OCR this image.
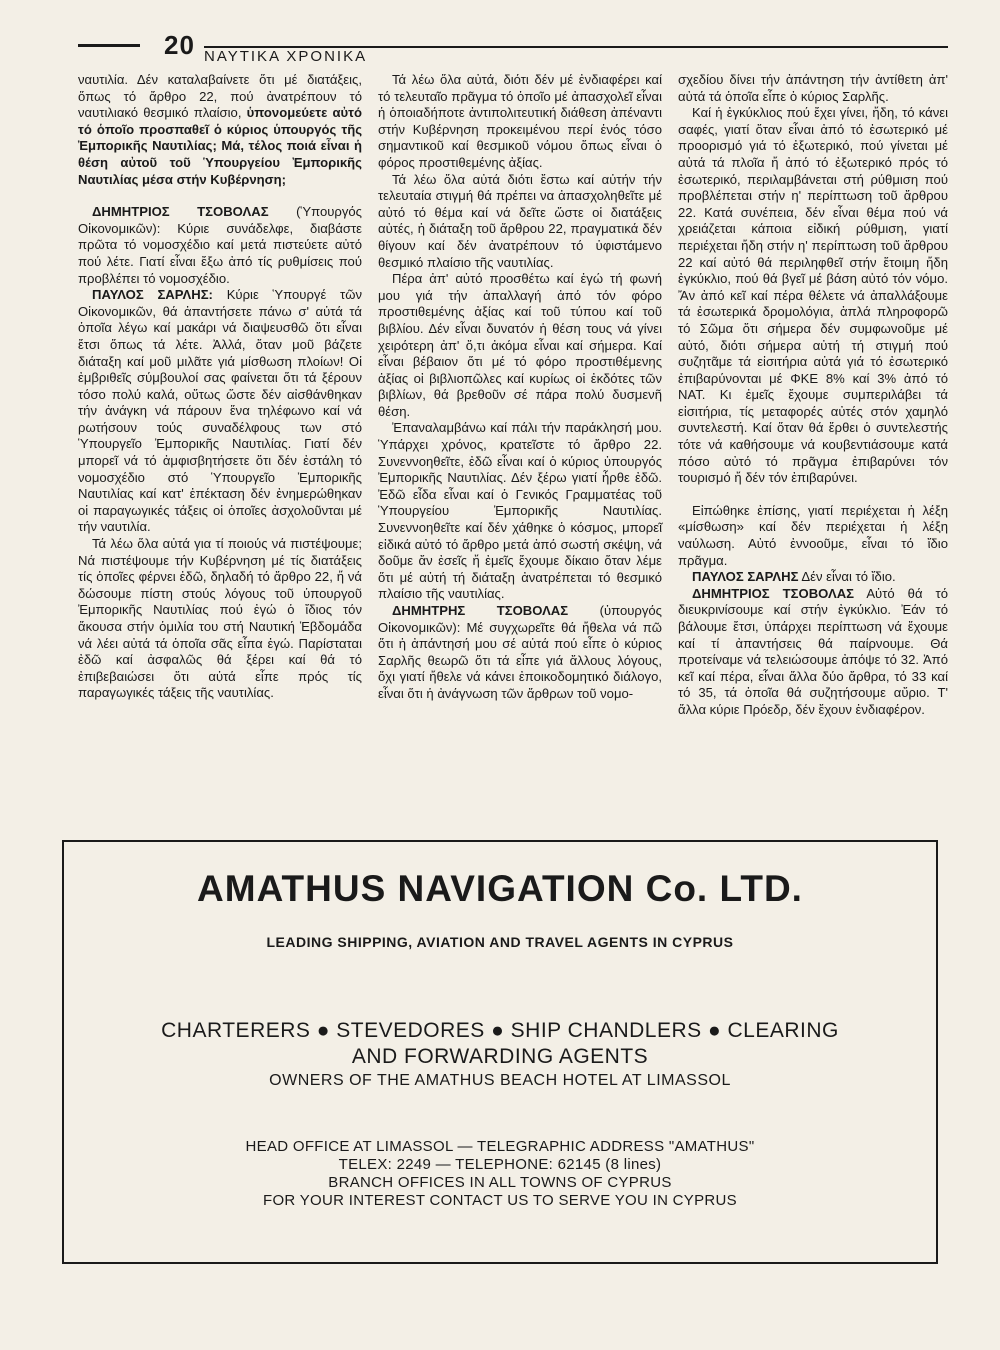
20 ΝΑΥΤΙΚΑ ΧΡΟΝΙΚΑ

ναυτιλία. Δέν καταλαβαίνετε ὅτι μέ διατάξεις, ὅπως τό ἄρθρο 22, πού ἀνατρέπουν τό ναυτιλιακό θεσμικό πλαίσιο, ὑπονομεύετε αὐτό τό ὁποῖο προσπαθεῖ ὁ κύριος ὑπουργός τῆς Ἐμπορικῆς Ναυτιλίας; Μά, τέλος ποιά εἶναι ἡ θέση αὐτοῦ τοῦ Ὑπουργείου Ἐμπορικῆς Ναυτιλίας μέσα στήν Κυβέρνηση;

ΔΗΜΗΤΡΙΟΣ ΤΣΟΒΟΛΑΣ (Ὑπουργός Οἰκονομικῶν): Κύριε συνάδελφε, διαβάστε πρῶτα τό νομοσχέδιο καί μετά πιστεύετε αὐτό πού λέτε. Γιατί εἶναι ἔξω ἀπό τίς ρυθμίσεις πού προβλέπει τό νομοσχέδιο.

ΠΑΥΛΟΣ ΣΑΡΛΗΣ: Κύριε Ὑπουργέ τῶν Οἰκονομικῶν, θά ἀπαντήσετε πάνω σ' αὐτά τά ὁποῖα λέγω καί μακάρι νά διαψευσθῶ ὅτι εἶναι ἔτσι ὅπως τά λέτε. Ἀλλά, ὅταν μοῦ βάζετε διάταξη καί μοῦ μιλᾶτε γιά μίσθωση πλοίων! Οἱ ἐμβριθεῖς σύμβουλοί σας φαίνεται ὅτι τά ξέρουν τόσο πολύ καλά, οὕτως ὥστε δέν αἰσθάνθηκαν τήν ἀνάγκη νά πάρουν ἕνα τηλέφωνο καί νά ρωτήσουν τούς συναδέλφους των στό Ὑπουργεῖο Ἐμπορικῆς Ναυτιλίας. Γιατί δέν μπορεῖ νά τό ἀμφισβητήσετε ὅτι δέν ἐστάλη τό νομοσχέδιο στό Ὑπουργεῖο Ἐμπορικῆς Ναυτιλίας καί κατ' ἐπέκταση δέν ἐνημερώθηκαν οἱ παραγωγικές τάξεις οἱ ὁποῖες ἀσχολοῦνται μέ τήν ναυτιλία.

Τά λέω ὅλα αὐτά για τί ποιούς νά πιστέψουμε; Νά πιστέψουμε τήν Κυβέρνηση μέ τίς διατάξεις τίς ὁποῖες φέρνει ἐδῶ, δηλαδή τό ἄρθρο 22, ἤ νά δώσουμε πίστη στούς λόγους τοῦ ὑπουργοῦ Ἐμπορικῆς Ναυτιλίας πού ἐγώ ὁ ἴδιος τόν ἄκουσα στήν ὁμιλία του στή Ναυτική Ἑβδομάδα νά λέει αὐτά τά ὁποῖα σᾶς εἶπα ἐγώ. Παρίσταται ἐδῶ καί ἀσφαλῶς θά ξέρει καί θά τό ἐπιβεβαιώσει ὅτι αὐτά εἶπε πρός τίς παραγωγικές τάξεις τῆς ναυτιλίας.

Τά λέω ὅλα αὐτά, διότι δέν μέ ἐνδιαφέρει καί τό τελευταῖο πρᾶγμα τό ὁποῖο μέ ἀπασχολεῖ εἶναι ἡ ὁποιαδήποτε ἀντιπολιτευτική διάθεση ἀπέναντι στήν Κυβέρνηση προκειμένου περί ἑνός τόσο σημαντικοῦ καί θεσμικοῦ νόμου ὅπως εἶναι ὁ φόρος προστιθεμένης ἀξίας.

Τά λέω ὅλα αὐτά διότι ἔστω καί αὐτήν τήν τελευταία στιγμή θά πρέπει να ἀπασχοληθεῖτε μέ αὐτό τό θέμα καί νά δεῖτε ὥστε οἱ διατάξεις αὐτές, ἡ διάταξη τοῦ ἄρθρου 22, πραγματικά δέν θίγουν καί δέν ἀνατρέπουν τό ὑφιστάμενο θεσμικό πλαίσιο τῆς ναυτιλίας.

Πέρα ἀπ' αὐτό προσθέτω καί ἐγώ τή φωνή μου γιά τήν ἀπαλλαγή ἀπό τόν φόρο προστιθεμένης ἀξίας καί τοῦ τύπου καί τοῦ βιβλίου. Δέν εἶναι δυνατόν ἡ θέση τους νά γίνει χειρότερη ἀπ' ὅ,τι ἀκόμα εἶναι καί σήμερα. Καί εἶναι βέβαιον ὅτι μέ τό φόρο προστιθέμενης ἀξίας οἱ βιβλιοπῶλες καί κυρίως οἱ ἐκδότες τῶν βιβλίων, θά βρεθοῦν σέ πάρα πολύ δυσμενῆ θέση.

Ἐπαναλαμβάνω καί πάλι τήν παράκλησή μου. Ὑπάρχει χρόνος, κρατεῖστε τό ἄρθρο 22. Συνεννοηθεῖτε, ἐδῶ εἶναι καί ὁ κύριος ὑπουργός Ἐμπορικῆς Ναυτιλίας. Δέν ξέρω γιατί ἦρθε ἐδῶ. Ἐδῶ εἶδα εἶναι καί ὁ Γενικός Γραμματέας τοῦ Ὑπουργείου Ἐμπορικῆς Ναυτιλίας. Συνεννοηθεῖτε καί δέν χάθηκε ὁ κόσμος, μπορεῖ εἰδικά αὐτό τό ἄρθρο μετά ἀπό σωστή σκέψη, νά δοῦμε ἄν ἐσεῖς ἤ ἐμεῖς ἔχουμε δίκαιο ὅταν λέμε ὅτι μέ αὐτή τή διάταξη ἀνατρέπεται τό θεσμικό πλαίσιο τῆς ναυτιλίας.

ΔΗΜΗΤΡΗΣ ΤΣΟΒΟΛΑΣ (ὑπουργός Οἰκονομικῶν): Μέ συγχωρεῖτε θά ἤθελα νά πῶ ὅτι ἡ ἀπάντησή μου σέ αὐτά πού εἶπε ὁ κύριος Σαρλῆς θεωρῶ ὅτι τά εἶπε γιά ἄλλους λόγους, ὄχι γιατί ἤθελε νά κάνει ἐποικοδομητικό διάλογο, εἶναι ὅτι ἡ ἀνάγνωση τῶν ἄρθρων τοῦ νομο-

σχεδίου δίνει τήν ἀπάντηση τήν ἀντίθετη ἀπ' αὐτά τά ὁποῖα εἶπε ὁ κύριος Σαρλῆς.

Καί ἡ ἐγκύκλιος πού ἔχει γίνει, ἤδη, τό κάνει σαφές, γιατί ὅταν εἶναι ἀπό τό ἐσωτερικό μέ προορισμό γιά τό ἐξωτερικό, πού γίνεται μέ αὐτά τά πλοῖα ἤ ἀπό τό ἐξωτερικό πρός τό ἐσωτερικό, περιλαμβάνεται στή ρύθμιση πού προβλέπεται στήν η' περίπτωση τοῦ ἄρθρου 22. Κατά συνέπεια, δέν εἶναι θέμα πού νά χρειάζεται κάποια εἰδική ρύθμιση, γιατί περιέχεται ἤδη στήν η' περίπτωση τοῦ ἄρθρου 22 καί αὐτό θά περιληφθεῖ στήν ἕτοιμη ἤδη ἐγκύκλιο, πού θά βγεῖ μέ βάση αὐτό τόν νόμο. Ἄν ἀπό κεῖ καί πέρα θέλετε νά ἀπαλλάξουμε τά ἐσωτερικά δρομολόγια, ἁπλά πληροφορῶ τό Σῶμα ὅτι σήμερα δέν συμφωνοῦμε μέ αὐτό, διότι σήμερα αὐτή τή στιγμή πού συζητᾶμε τά εἰσιτήρια αὐτά γιά τό ἐσωτερικό ἐπιβαρύνονται μέ ΦΚΕ 8% καί 3% ἀπό τό ΝΑΤ. Κι ἐμεῖς ἔχουμε συμπεριλάβει τά εἰσιτήρια, τίς μεταφορές αὐτές στόν χαμηλό συντελεστή. Καί ὅταν θά ἔρθει ὁ συντελεστής τότε νά καθήσουμε νά κουβεντιάσουμε κατά πόσο αὐτό τό πρᾶγμα ἐπιβαρύνει τόν τουρισμό ἤ δέν τόν ἐπιβαρύνει.

Εἰπώθηκε ἐπίσης, γιατί περιέχεται ἡ λέξη «μίσθωση» καί δέν περιέχεται ἡ λέξη ναύλωση. Αὐτό ἐννοοῦμε, εἶναι τό ἴδιο πρᾶγμα.

ΠΑΥΛΟΣ ΣΑΡΛΗΣ Δέν εἶναι τό ἴδιο.

ΔΗΜΗΤΡΙΟΣ ΤΣΟΒΟΛΑΣ Αὐτό θά τό διευκρινίσουμε καί στήν ἐγκύκλιο. Ἐάν τό βάλουμε ἔτσι, ὑπάρχει περίπτωση νά ἔχουμε καί τί ἀπαντήσεις θά παίρνουμε. Θά προτείναμε νά τελειώσουμε ἀπόψε τό 32. Ἀπό κεῖ καί πέρα, εἶναι ἄλλα δύο ἄρθρα, τό 33 καί τό 35, τά ὁποῖα θά συζητήσουμε αὔριο. Τ' ἄλλα κύριε Πρόεδρ, δέν ἔχουν ἐνδιαφέρον.

AMATHUS NAVIGATION Co. LTD.
LEADING SHIPPING, AVIATION AND TRAVEL AGENTS IN CYPRUS
CHARTERERS ● STEVEDORES ● SHIP CHANDLERS ● CLEARING
AND FORWARDING AGENTS
OWNERS OF THE AMATHUS BEACH HOTEL AT LIMASSOL
HEAD OFFICE AT LIMASSOL — TELEGRAPHIC ADDRESS "AMATHUS"
TELEX: 2249 — TELEPHONE: 62145 (8 lines)
BRANCH OFFICES IN ALL TOWNS OF CYPRUS
FOR YOUR INTEREST CONTACT US TO SERVE YOU IN CYPRUS
